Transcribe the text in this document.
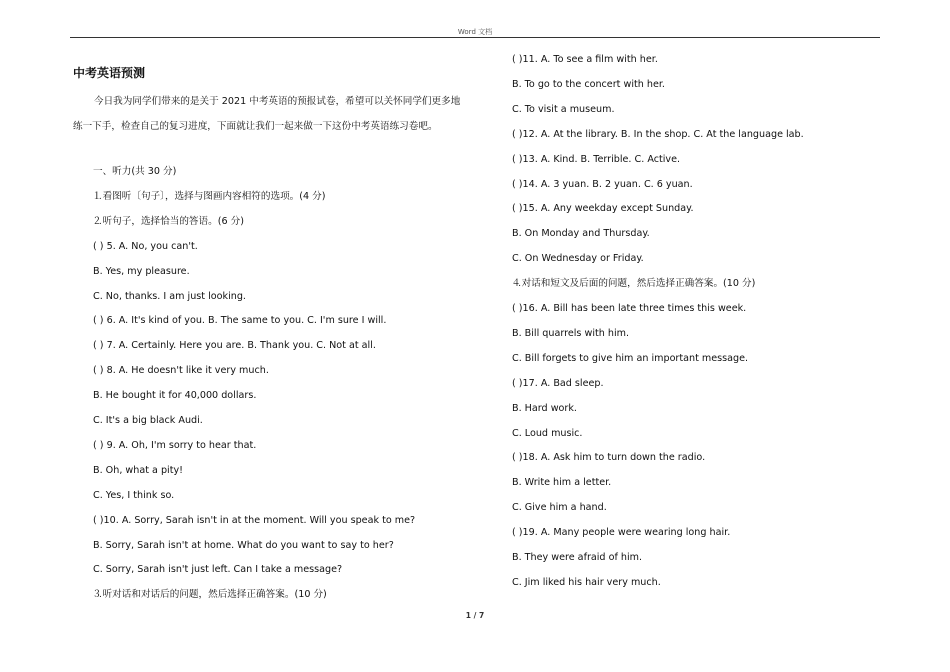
Word 文档
中考英语预测
今日我为同学们带来的是关于 2021 中考英语的预报试卷，希望可以关怀同学们更多地练一下手，检查自己的复习进度，下面就让我们一起来做一下这份中考英语练习卷吧。
一、听力(共 30 分)
⒈看图听〔句子〕，选择与图画内容相符的选项。(4 分)
⒉听句子，选择恰当的答语。(6 分)
( ) 5. A. No, you can't.
B. Yes, my pleasure.
C. No, thanks. I am just looking.
( ) 6. A. It's kind of you. B. The same to you. C. I'm sure I will.
( ) 7. A. Certainly. Here you are. B. Thank you. C. Not at all.
( ) 8. A. He doesn't like it very much.
B. He bought it for 40,000 dollars.
C. It's a big black Audi.
( ) 9. A. Oh, I'm sorry to hear that.
B. Oh, what a pity!
C. Yes, I think so.
( )10. A. Sorry, Sarah isn't in at the moment. Will you speak to me?
B. Sorry, Sarah isn't at home. What do you want to say to her?
C. Sorry, Sarah isn't just left. Can I take a message?
⒊听对话和对话后的问题，然后选择正确答案。(10 分)
( )11. A. To see a film with her.
B. To go to the concert with her.
C. To visit a museum.
( )12. A. At the library. B. In the shop. C. At the language lab.
( )13. A. Kind. B. Terrible. C. Active.
( )14. A. 3 yuan. B. 2 yuan. C. 6 yuan.
( )15. A. Any weekday except Sunday.
B. On Monday and Thursday.
C. On Wednesday or Friday.
⒋对话和短文及后面的问题，然后选择正确答案。(10 分)
( )16. A. Bill has been late three times this week.
B. Bill quarrels with him.
C. Bill forgets to give him an important message.
( )17. A. Bad sleep.
B. Hard work.
C. Loud music.
( )18. A. Ask him to turn down the radio.
B. Write him a letter.
C. Give him a hand.
( )19. A. Many people were wearing long hair.
B. They were afraid of him.
C. Jim liked his hair very much.
1 / 7
